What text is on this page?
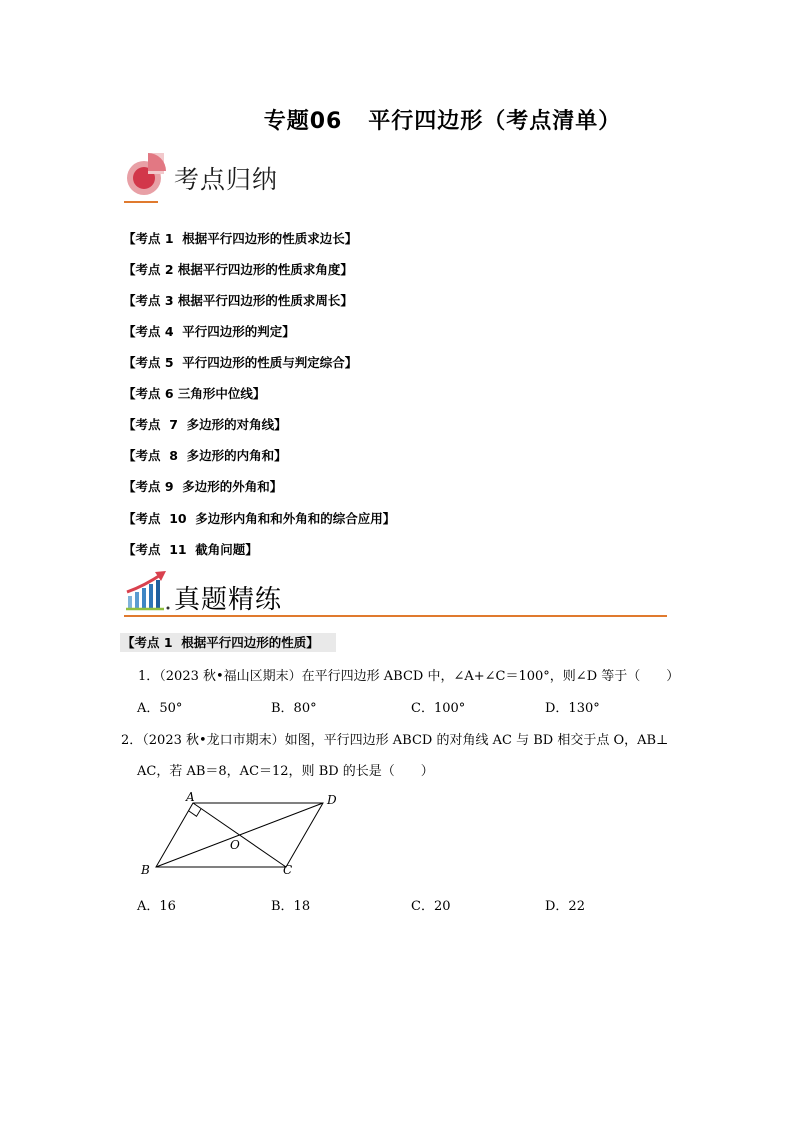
专题06   平行四边形（考点清单）
考点归纳
【考点 1  根据平行四边形的性质求边长】
【考点 2 根据平行四边形的性质求角度】
【考点 3 根据平行四边形的性质求周长】
【考点 4  平行四边形的判定】
【考点 5  平行四边形的性质与判定综合】
【考点 6 三角形中位线】
【考点  7  多边形的对角线】
【考点  8  多边形的内角和】
【考点 9  多边形的外角和】
【考点  10  多边形内角和和外角和的综合应用】
【考点  11  截角问题】
真题精练
【考点 1  根据平行四边形的性质】
1．（2023 秋•福山区期末）在平行四边形 ABCD 中，∠A+∠C＝100°，则∠D 等于（　　）
A．50°	B．80°	C．100°	D．130°
2．（2023 秋•龙口市期末）如图，平行四边形 ABCD 的对角线 AC 与 BD 相交于点 O，AB⊥
AC，若 AB＝8，AC＝12，则 BD 的长是（　　）
A	D
B	C
O
A．16	B．18	C．20	D．22
